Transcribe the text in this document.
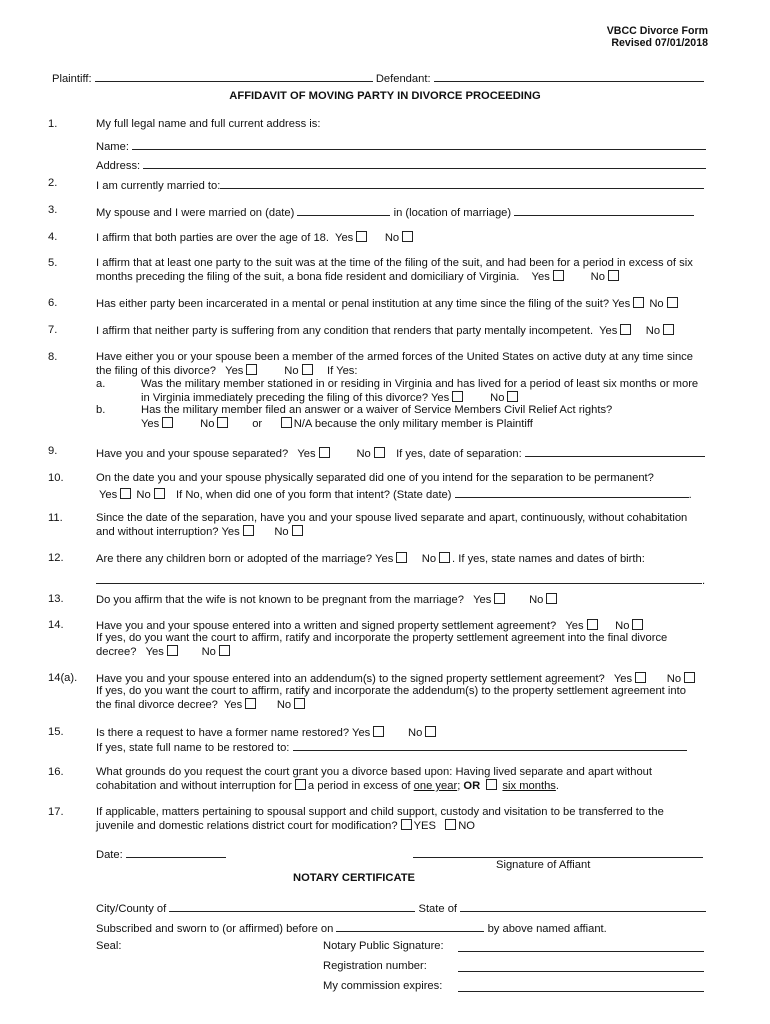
VBCC Divorce Form
Revised 07/01/2018
Plaintiff:	Defendant:
AFFIDAVIT OF MOVING PARTY IN DIVORCE PROCEEDING
1.	My full legal name and full current address is:
Name:
Address:
2.	I am currently married to:
3.	My spouse and I were married on (date)	in (location of marriage)
4.	I affirm that both parties are over the age of 18. Yes	No
5.	I affirm that at least one party to the suit was at the time of the filing of the suit, and had been for a period in excess of six
months preceding the filing of the suit, a bona fide resident and domiciliary of Virginia. Yes	No
6.	Has either party been incarcerated in a mental or penal institution at any time since the filing of the suit? Yes No
7.	I affirm that neither party is suffering from any condition that renders that party mentally incompetent. Yes	No
8.	Have either you or your spouse been a member of the armed forces of the United States on active duty at any time since
the filing of this divorce? Yes	No	If Yes:
a.	Was the military member stationed in or residing in Virginia and has lived for a period of least six months or more
in Virginia immediately preceding the filing of this divorce? Yes	No
b.	Has the military member filed an answer or a waiver of Service Members Civil Relief Act rights?
Yes	No	or	N/A because the only military member is Plaintiff
9.	Have you and your spouse separated? Yes	No If yes, date of separation:
10.	On the date you and your spouse physically separated did one of you intend for the separation to be permanent?
Yes No If No, when did one of you form that intent? (State date)	.
11.	Since the date of the separation, have you and your spouse lived separate and apart, continuously, without cohabitation
and without interruption? Yes	No
12.	Are there any children born or adopted of the marriage? Yes	No . If yes, state names and dates of birth:
.
13.	Do you affirm that the wife is not known to be pregnant from the marriage? Yes	No
14.	Have you and your spouse entered into a written and signed property settlement agreement? Yes	No
If yes, do you want the court to affirm, ratify and incorporate the property settlement agreement into the final divorce
decree? Yes	No
14(a). Have you and your spouse entered into an addendum(s) to the signed property settlement agreement? Yes	No
If yes, do you want the court to affirm, ratify and incorporate the addendum(s) to the property settlement agreement into
the final divorce decree? Yes	No
15.	Is there a request to have a former name restored? Yes	No
If yes, state full name to be restored to:
16.	What grounds do you request the court grant you a divorce based upon: Having lived separate and apart without
cohabitation and without interruption for a period in excess of one year; OR six months.
17.	If applicable, matters pertaining to spousal support and child support, custody and visitation to be transferred to the
juvenile and domestic relations district court for modification? YES NO
Date:
Signature of Affiant
NOTARY CERTIFICATE
City/County of	State of
Subscribed and sworn to (or affirmed) before on	by above named affiant.
Seal:	Notary Public Signature:
Registration number:
My commission expires:
